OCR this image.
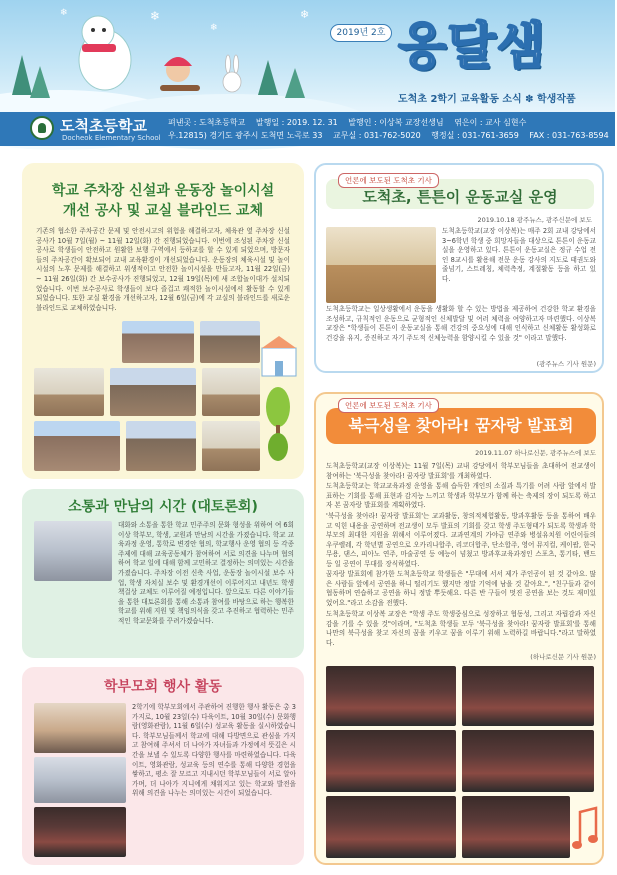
❄
❄
❄
❄
2019년 2호 옹달샘
도척초 2학기 교육활동 소식 ✽ 학생작품
도척초등학교
Docheok Elementary School
펴낸곳 : 도척초등학교 발행일 : 2019. 12. 31 발행인 : 이상복 교장선생님 엮은이 : 교사 심현수
우.12815) 경기도 광주시 도척면 노곡로 33 교무실 : 031-762-5020 행정실 : 031-761-3659 FAX : 031-763-8594
학교 주차장 신설과 운동장 놀이시설
개선 공사 및 교실 블라인드 교체
기존의 협소한 주차공간 문제 및 안전시고의 위험을 해결하고자, 체육관 옆 주차장 신설 공사가 10월 7일(월) ~ 11월 12일(화) 간 진행되었습니다. 이번에 조성된 주차장 신설 공사로 학생들이 안전하고 원활한 보행 구역에서 등하교를 할 수 있게 되었으며, 방문자들의 주차공간이 확보되어 교내 교육환경이 개선되었습니다. 운동장의 체육시설 및 놀이시설의 노후 문제를 해결하고 위생적이고 안전한 놀이시설을 만들고자, 11월 22일(금) ~ 11월 26일(화) 간 보수공사가 진행되었고, 12월 19일(목)에 새 조합놀이대가 설치되었습니다. 이번 보수공사로 학생들이 보다 즐겁고 쾌적한 놀이시설에서 활동할 수 있게 되었습니다. 또한 교실 환경을 개선하고자, 12월 6일(금)에 각 교실의 블라인드를 새로운 블라인드로 교체하였습니다.
소통과 만남의 시간 (대토론회)
대화와 소통을 통한 학교 민주주의 문화 형성을 위하여 여 6회 이상 학부모, 학생, 교원과 만남의 시간을 가졌습니다. 학교 교육과정 운영, 통학로 변경안 협의, 학교행사 운영 협의 등 각종 주제에 대해 교육공동체가 참여하여 서로 의견을 나누며 협의하여 학교 일에 대해 함께 고민하고 결정하는 의미있는 시간을 가졌습니다. 주차장 이전 신축 사업, 운동장 놀이시설 보수 사업, 학생 자치실 보수 및 환경개선이 이루어지고 내년도 학생 책걸상 교체도 이루어질 예정입니다. 앞으로도 다른 이야기들을 통한 대토론회를 통해 소통과 참여를 바탕으로 하는 행복한 학교를 위해 지원 및 책임의식을 갖고 추진하고 협력하는 민주적인 학교문화를 꾸려가겠습니다.
학부모회 행사 활동
2학기에 학부모회에서 주관하여 진행한 행사 활동은 총 3가지로, 10월 23일(수) 다육이트, 10월 30일(수) 문화행람(영화관람), 11월 6일(수) 성교육 활동을 실시하였습니다. 학부모님들께서 학교에 대해 다방면으로 관심을 가지고 참여해 주셔서 더 나아가 자녀들과 가정에서 뜻깊은 시간을 보낼 수 있도록 다양한 행사를 마련하였습니다. 다육이트, 영화관람, 성교육 등의 연수를 통해 다양한 경험을 쌓하고, 평소 잘 모르고 지내시던 학부모님들이 서로 알아가며, 더 나아가 지니에게 채워지고 있는 학교와 발전을 위해 의견을 나누는 의미있는 시간이 되었습니다.
언론에 보도된 도척초 기사
도척초, 튼튼이 운동교실 운영
2019.10.18 광주뉴스, 광주신문에 보도
도척초등학교(교장 이상복)는 매주 2회 교내 강당에서 3~6학년 학생 중 희망자들을 대상으로 튼튼이 운동교실을 운영하고 있다. 튼튼이 운동교실은 정규 수업 전인 8교시를 활용해 전문 운동 강사의 지도로 태권도와 줄넘기, 스트레칭, 체력측정, 계절활동 등을 하고 있다.
도척초등학교는 일상생활에서 운동을 생활화 할 수 있는 방법을 제공하여 건강한 학교 환경을 조성하고, 규칙적인 운동으로 균형적인 신체발달 및 여러 체력을 여양하고자 마련했다. 이상복 교장은 "학생들이 튼튼이 운동교실을 통해 건강의 중요성에 대해 인식하고 신체활동 활성화로 건강을 유지, 증진하고 자기 주도적 신체능력을 함양시킬 수 있을 것" 이라고 말했다.
(광주뉴스 기사 원문)
언론에 보도된 도척초 기사
북극성을 찾아라! 꿈자랑 발표회
2019.11.07 하나로신문, 광주뉴스에 보도
도척초등학교(교장 이상복)는 11월 7일(목) 교내 강당에서 학부모님들을 초대하여 전교생이 참여하는 '북극성을 찾아라! 꿈자랑 발표회'를 개최하였다.
도척초등학교는 학교교육과정 운영을 통해 습득한 개인의 소질과 특기를 어려 사람 앞에서 발표하는 기회를 통해 표현과 감지능 느끼고 학생과 학부모가 함께 하는 축제의 장이 되도록 하고자 본 꿈자랑 발표회를 계획하였다.
'북극성을 찾아라! 꿈자랑 발표회'는 교과활동, 창의적체험활동, 방과후활동 등을 통하여 배우고 익힌 내용을 공연하며 전교생이 모두 발표의 기회를 갖고 학생 주도형태가 되도록 학생과 학부모의 최대한 지원을 위해서 이루어졌다. 교과연계의 가야금 연주와 병설유치원 어린이들의 우쿠렐레, 각 학년별 공연으로 오카리나합주, 리코더합주, 단소합주, 영어 뮤지컬, 케이팝, 한국무용, 댄스, 피아노 연주, 마술공연 등 예능이 넘쳤고 방과후교육과정인 스포츠, 통기타, 밴드 등 일 공연이 무대를 장식하였다.
꿈자랑 발표회에 참가한 도척초등학교 학생들은 "무대에 서서 제가 주인공이 된 것 같아요. 많은 사람들 앞에서 공연을 하니 떨리기도 했지만 정말 기억에 남을 것 같아요.", "친구들과 같이 협동하며 연습하고 공연을 하니 정말 뿌듯해요. 다른 반 구들이 멋진 공연을 보는 것도 재미있었어요."라고 소감을 전했다.
도척초등학교 이상복 교장은 "학생 주도 학생중심으로 성장하고 협동성, 그리고 자립감과 자신감을 기를 수 있을 것"이라며, "도척초 학생들 모두 '북극성을 찾아라! 꿈자랑 발표회'를 통해 나만의 북극성을 찾고 자신의 꿈을 키우고 꿈을 이루기 위해 노력하길 바랍니다."라고 말하였다.
(하나로신문 기사 원문)
